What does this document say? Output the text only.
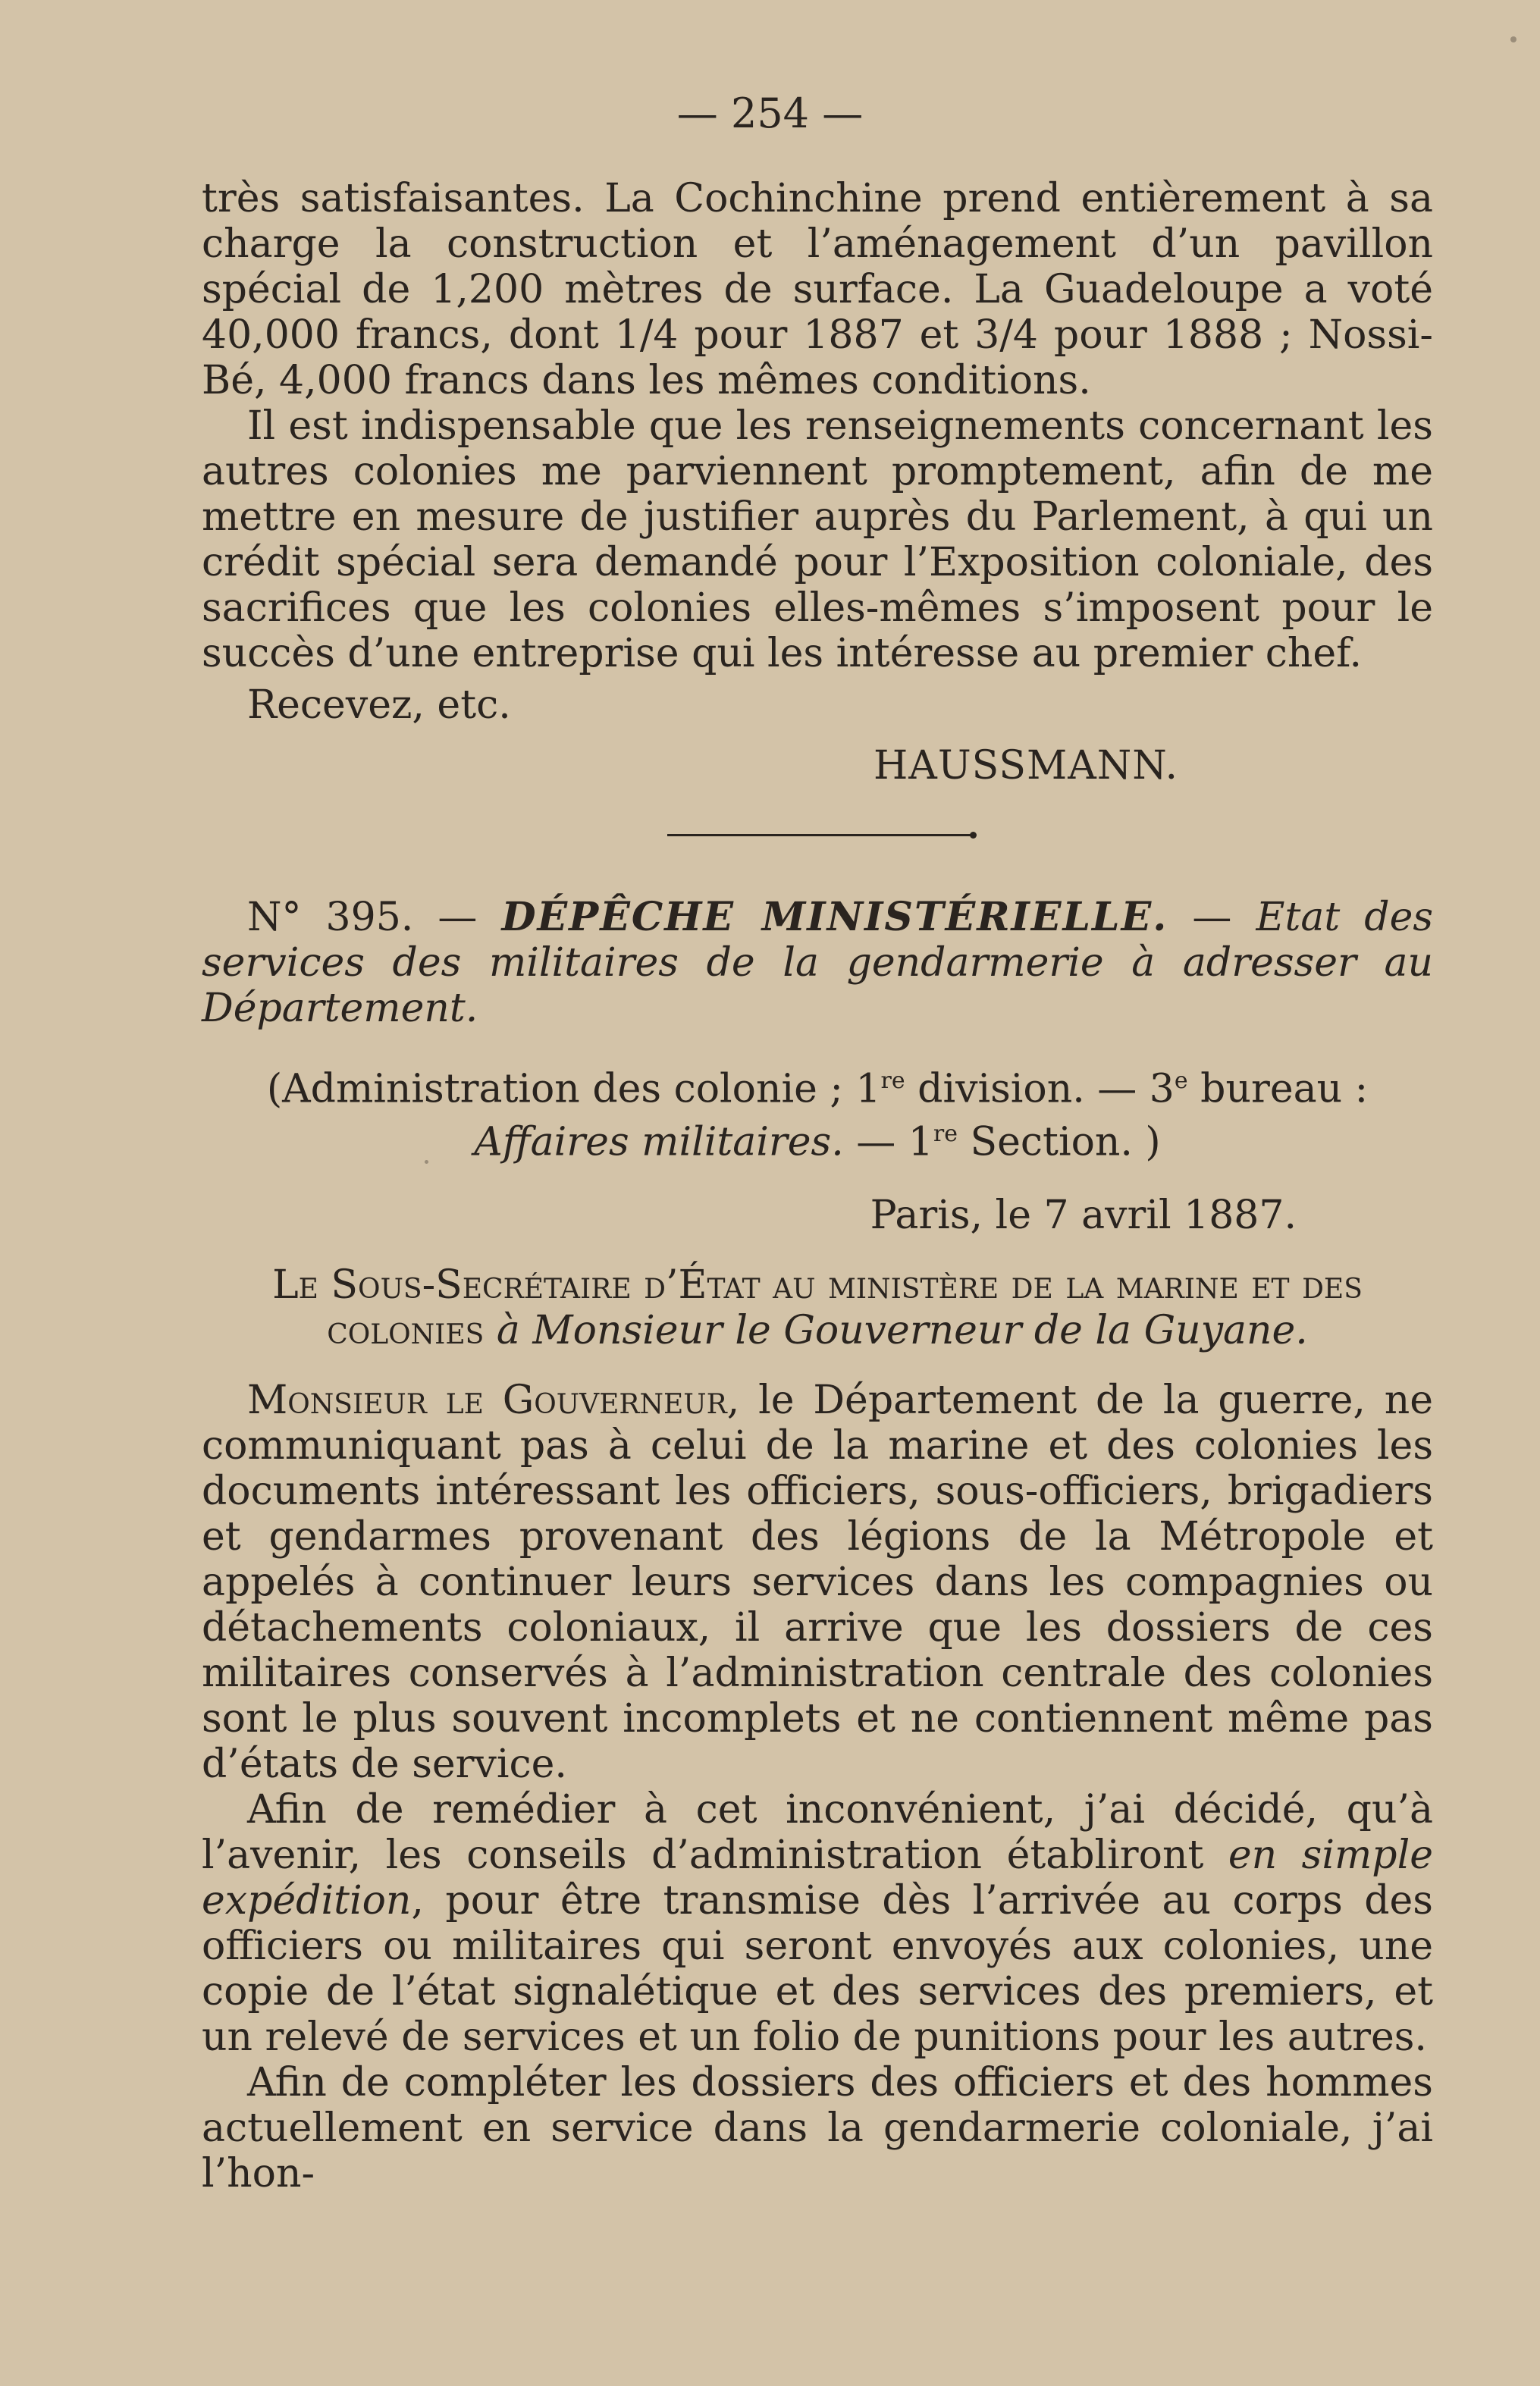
— 254 —

très satisfaisantes. La Cochinchine prend entièrement à sa charge la construction et l’aménagement d’un pavillon spécial de 1,200 mètres de surface. La Guadeloupe a voté 40,000 francs, dont 1/4 pour 1887 et 3/4 pour 1888 ; Nossi-Bé, 4,000 francs dans les mêmes conditions.

Il est indispensable que les renseignements concernant les autres colonies me parviennent promptement, afin de me mettre en mesure de justifier auprès du Parlement, à qui un crédit spécial sera demandé pour l’Exposition coloniale, des sacrifices que les colonies elles-mêmes s’imposent pour le succès d’une entreprise qui les intéresse au premier chef.

Recevez, etc.

HAUSSMANN.

N° 395. — DÉPÊCHE MINISTÉRIELLE. — Etat des services des militaires de la gendarmerie à adresser au Département.

(Administration des colonie ; 1re division. — 3e bureau : Affaires militaires. — 1re Section. )

Paris, le 7 avril 1887.

Le Sous-Secrétaire d’État au ministère de la marine et des colonies à Monsieur le Gouverneur de la Guyane.

Monsieur le Gouverneur, le Département de la guerre, ne communiquant pas à celui de la marine et des colonies les documents intéressant les officiers, sous-officiers, brigadiers et gendarmes provenant des légions de la Métropole et appelés à continuer leurs services dans les compagnies ou détachements coloniaux, il arrive que les dossiers de ces militaires conservés à l’administration centrale des colonies sont le plus souvent incomplets et ne contiennent même pas d’états de service.

Afin de remédier à cet inconvénient, j’ai décidé, qu’à l’avenir, les conseils d’administration établiront en simple expédition, pour être transmise dès l’arrivée au corps des officiers ou militaires qui seront envoyés aux colonies, une copie de l’état signalétique et des services des premiers, et un relevé de services et un folio de punitions pour les autres.

Afin de compléter les dossiers des officiers et des hommes actuellement en service dans la gendarmerie coloniale, j’ai l’hon-
